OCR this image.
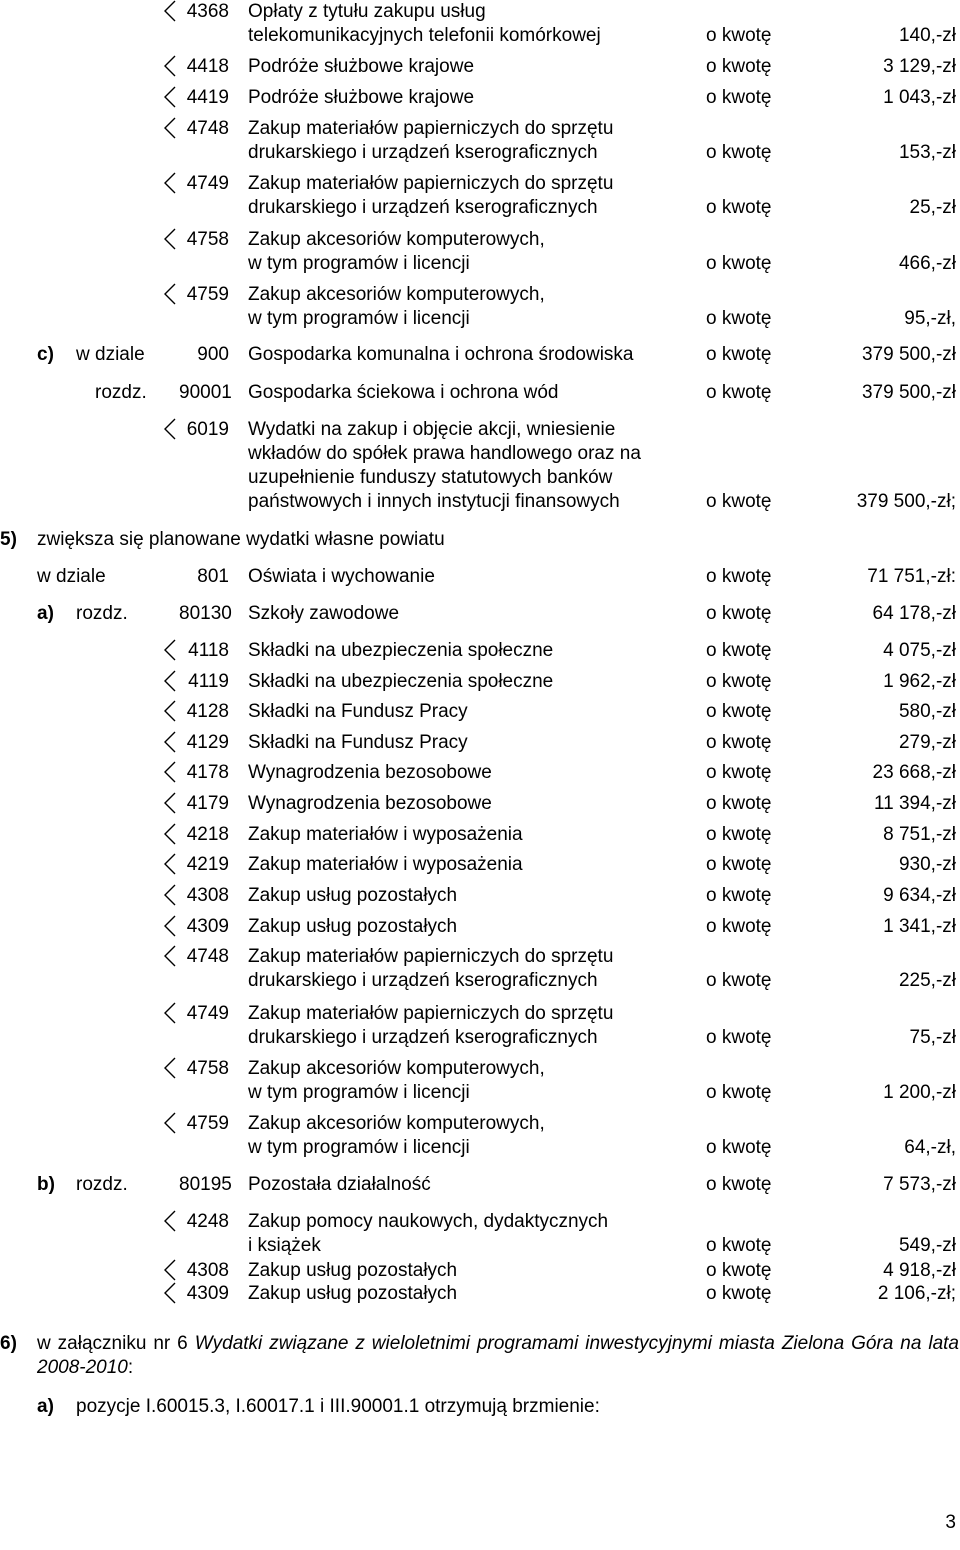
4368 Opłaty z tytułu zakupu usług
telekomunikacyjnych telefonii komórkowej	o kwotę	140,-zł
4418 Podróże służbowe krajowe	o kwotę	3 129,-zł
4419 Podróże służbowe krajowe	o kwotę	1 043,-zł
4748 Zakup materiałów papierniczych do sprzętu
drukarskiego i urządzeń kserograficznych	o kwotę	153,-zł
4749 Zakup materiałów papierniczych do sprzętu
drukarskiego i urządzeń kserograficznych	o kwotę	25,-zł
4758 Zakup akcesoriów komputerowych,
w tym programów i licencji	o kwotę	466,-zł
4759 Zakup akcesoriów komputerowych,
w tym programów i licencji	o kwotę	95,-zł,
c) w dziale	900 Gospodarka komunalna i ochrona środowiska	o kwotę	379 500,-zł
rozdz. 90001 Gospodarka ściekowa i ochrona wód	o kwotę	379 500,-zł
6019 Wydatki na zakup i objęcie akcji, wniesienie
wkładów do spółek prawa handlowego oraz na
uzupełnienie funduszy statutowych banków
państwowych i innych instytucji finansowych	o kwotę	379 500,-zł;
5) zwiększa się planowane wydatki własne powiatu
w dziale	801 Oświata i wychowanie	o kwotę	71 751,-zł:
a) rozdz.	80130 Szkoły zawodowe	o kwotę	64 178,-zł
4118 Składki na ubezpieczenia społeczne	o kwotę	4 075,-zł
4119 Składki na ubezpieczenia społeczne	o kwotę	1 962,-zł
4128 Składki na Fundusz Pracy	o kwotę	580,-zł
4129 Składki na Fundusz Pracy	o kwotę	279,-zł
4178 Wynagrodzenia bezosobowe	o kwotę	23 668,-zł
4179 Wynagrodzenia bezosobowe	o kwotę	11 394,-zł
4218 Zakup materiałów i wyposażenia	o kwotę	8 751,-zł
4219 Zakup materiałów i wyposażenia	o kwotę	930,-zł
4308 Zakup usług pozostałych	o kwotę	9 634,-zł
4309 Zakup usług pozostałych	o kwotę	1 341,-zł
4748 Zakup materiałów papierniczych do sprzętu
drukarskiego i urządzeń kserograficznych	o kwotę	225,-zł
4749 Zakup materiałów papierniczych do sprzętu
drukarskiego i urządzeń kserograficznych	o kwotę	75,-zł
4758 Zakup akcesoriów komputerowych,
w tym programów i licencji	o kwotę	1 200,-zł
4759 Zakup akcesoriów komputerowych,
w tym programów i licencji	o kwotę	64,-zł,
b) rozdz.	80195 Pozostała działalność	o kwotę	7 573,-zł
4248 Zakup pomocy naukowych, dydaktycznych
i książek	o kwotę	549,-zł
4308 Zakup usług pozostałych	o kwotę	4 918,-zł
4309 Zakup usług pozostałych	o kwotę	2 106,-zł;
6) w załączniku nr 6 Wydatki związane z wieloletnimi programami inwestycyjnymi miasta Zielona Góra na lata 2008-2010:
a) pozycje I.60015.3, I.60017.1 i III.90001.1 otrzymują brzmienie:
3
